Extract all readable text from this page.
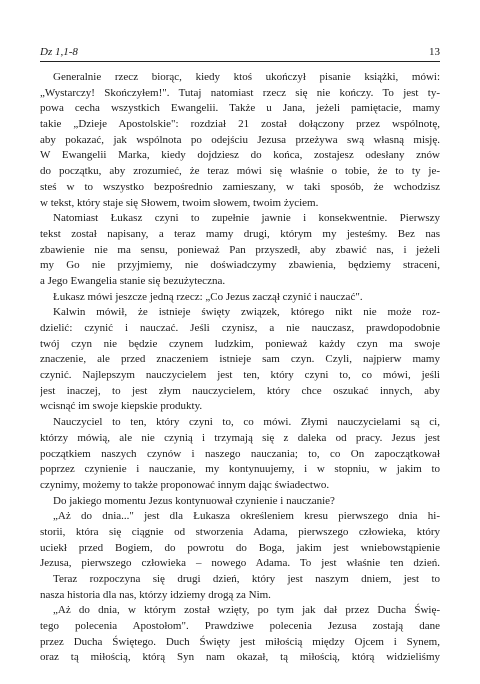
Dz 1,1-8	13
Generalnie rzecz biorąc, kiedy ktoś ukończył pisanie książki, mówi:
„Wystarczy! Skończyłem!". Tutaj natomiast rzecz się nie kończy. To jest ty-
powa cecha wszystkich Ewangelii. Także u Jana, jeżeli pamiętacie, mamy
takie „Dzieje Apostolskie": rozdział 21 został dołączony przez wspólnotę,
aby pokazać, jak wspólnota po odejściu Jezusa przeżywa swą własną misję.
W Ewangelii Marka, kiedy dojdziesz do końca, zostajesz odesłany znów
do początku, aby zrozumieć, że teraz mówi się właśnie o tobie, że to ty je-
steś w to wszystko bezpośrednio zamieszany, w taki sposób, że wchodzisz
w tekst, który staje się Słowem, twoim słowem, twoim życiem.
Natomiast Łukasz czyni to zupełnie jawnie i konsekwentnie. Pierwszy
tekst został napisany, a teraz mamy drugi, którym my jesteśmy. Bez nas
zbawienie nie ma sensu, ponieważ Pan przyszedł, aby zbawić nas, i jeżeli
my Go nie przyjmiemy, nie doświadczymy zbawienia, będziemy straceni,
a Jego Ewangelia stanie się bezużyteczna.
Łukasz mówi jeszcze jedną rzecz: „Co Jezus zaczął czynić i nauczać".
Kalwin mówił, że istnieje święty związek, którego nikt nie może roz-
dzielić: czynić i nauczać. Jeśli czynisz, a nie nauczasz, prawdopodobnie
twój czyn nie będzie czynem ludzkim, ponieważ każdy czyn ma swoje
znaczenie, ale przed znaczeniem istnieje sam czyn. Czyli, najpierw mamy
czynić. Najlepszym nauczycielem jest ten, który czyni to, co mówi, jeśli
jest inaczej, to jest złym nauczycielem, który chce oszukać innych, aby
wcisnąć im swoje kiepskie produkty.
Nauczyciel to ten, który czyni to, co mówi. Złymi nauczycielami są ci,
którzy mówią, ale nie czynią i trzymają się z daleka od pracy. Jezus jest
początkiem naszych czynów i naszego nauczania; to, co On zapoczątkował
poprzez czynienie i nauczanie, my kontynuujemy, i w stopniu, w jakim to
czynimy, możemy to także proponować innym dając świadectwo.
Do jakiego momentu Jezus kontynuował czynienie i nauczanie?
„Aż do dnia..." jest dla Łukasza określeniem kresu pierwszego dnia hi-
storii, która się ciągnie od stworzenia Adama, pierwszego człowieka, który
uciekł przed Bogiem, do powrotu do Boga, jakim jest wniebowstąpienie
Jezusa, pierwszego człowieka – nowego Adama. To jest właśnie ten dzień.
Teraz rozpoczyna się drugi dzień, który jest naszym dniem, jest to
nasza historia dla nas, którzy idziemy drogą za Nim.
„Aż do dnia, w którym został wzięty, po tym jak dał przez Ducha Świę-
tego polecenia Apostołom". Prawdziwe polecenia Jezusa zostają dane
przez Ducha Świętego. Duch Święty jest miłością między Ojcem i Synem,
oraz tą miłością, którą Syn nam okazał, tą miłością, którą widzieliśmy
